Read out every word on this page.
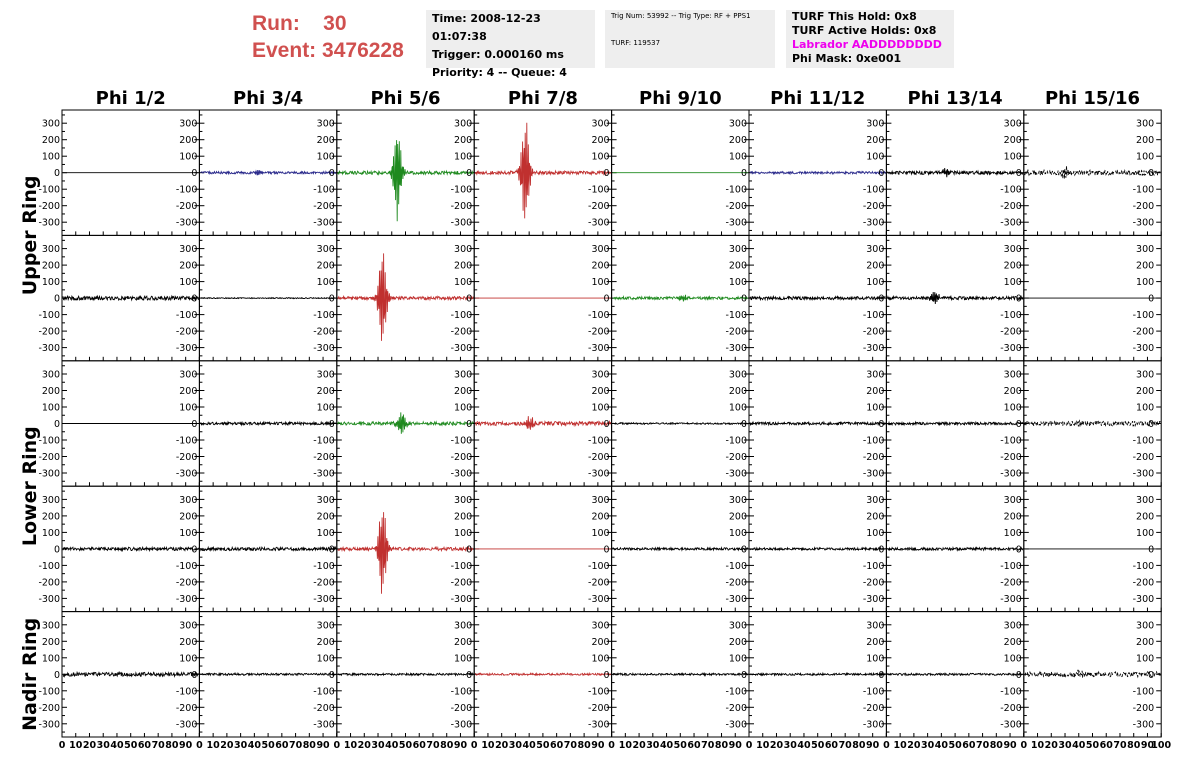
Run: 30
Event: 3476228
Time: 2008-12-23 01:07:38
Trigger: 0.000160 ms
Priority: 4 -- Queue: 4
Trig Num: 53992 -- Trig Type: RF + PPS1
TURF: 119537
TURF This Hold: 0x8
TURF Active Holds: 0x8
Labrador AADDDDDDDD
Phi Mask: 0xe001
Phi 1/2	Phi 3/4	Phi 5/6	Phi 7/8	Phi 9/10	Phi 11/12 Phi 13/14 Phi 15/16
Upper Ring
Lower Ring
Nadir Ring
300
200
100
0
-100
-200
-300
300
200
100
0
-100
-200
-300
300
200
100
0
-100
-200
-300
300
200
100
0
-100
-200
-300
300
200
100
0
-100
-200
-300
300
200
100
0
-100
-200
-300
300
200
100
0
-100
-200
-300
300	300
200	200
100	100
0	0
-100	-100
-200	-200
-300	-300
300
200
100
0
-100
-200
-300
300
200
100
0
-100
-200
-300
300
200
100
0
-100
-200
-300
300
200
100
0
-100
-200
-300
300
200
100
0
-100
-200
-300
300
200
100
0
-100
-200
-300
300
200
100
0
-100
-200
-300
300	300
200	200
100	100
0	0
-100	-100
-200	-200
-300	-300
300
200
100
0
-100
-200
-300
300
200
100
0
-100
-200
-300
300
200
100
0
-100
-200
-300
300
200
100
0
-100
-200
-300
300
200
100
0
-100
-200
-300
300
200
100
0
-100
-200
-300
300
200
100
0
-100
-200
-300
300	300
200	200
100	100
0	0
-100	-100
-200	-200
-300	-300
300
200
100
0
-100
-200
-300
300
200
100
0
-100
-200
-300
300
200
100
0
-100
-200
-300
300
200
100
0
-100
-200
-300
300
200
100
0
-100
-200
-300
300
200
100
0
-100
-200
-300
300
200
100
0
-100
-200
-300
300	300
200	200
100	100
0	0
-100	-100
-200	-200
-300	-300
300
200
100
0
-100
-200
-300
300
200
100
0
-100
-200
-300
300
200
100
0
-100
-200
-300
300
200
100
0
-100
-200
-300
300
200
100
0
-100
-200
-300
300
200
100
0
-100
-200
-300
300
200
100
0
-100
-200
-300
300	300
200	200
100	100
0	0
-100	-100
-200	-200
-300	-300
0 10 20 30 40 50 60 70 80 90 0 10 20 30 40 50 60 70 80 90 0 10 20 30 40 50 60 70 80 90 0 10 20 30 40 50 60 70 80 90 0 10 20 30 40 50 60 70 80 90 0 10 20 30 40 50 60 70 80 90 0 10 20 30 40 50 60 70 80 90 0 10 20 30 40 50 60 70 80 90
100
